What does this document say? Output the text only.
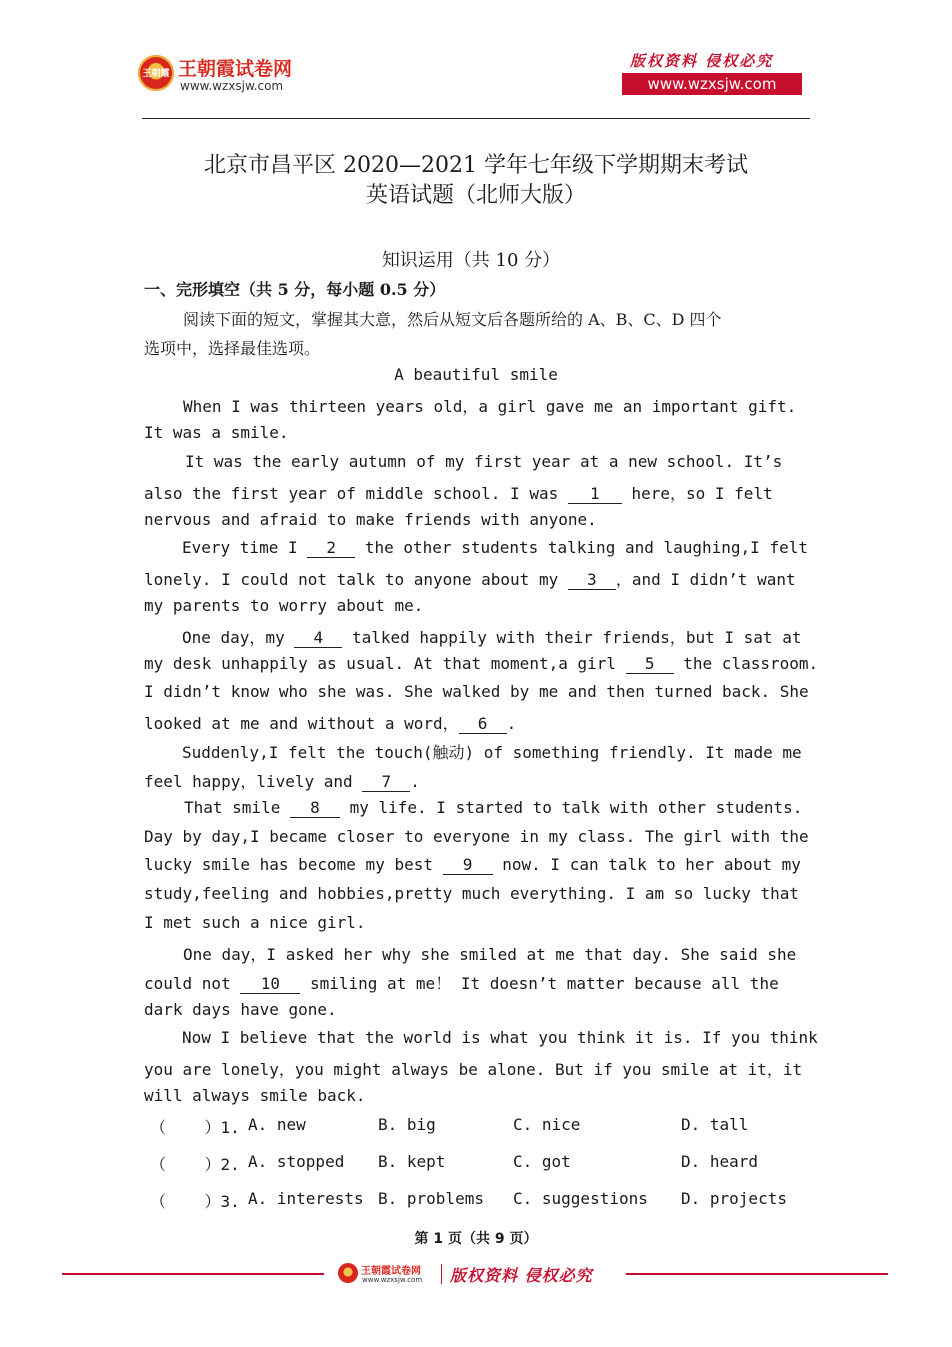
王朝霞 王朝霞试卷网
www.wzxsjw.com
版权资料 侵权必究
www.wzxsjw.com
北京市昌平区 2020—2021 学年七年级下学期期末考试
英语试题（北师大版）
知识运用（共 10 分）
一、完形填空（共 5 分，每小题 0.5 分）
阅读下面的短文，掌握其大意，然后从短文后各题所给的 A、B、C、D 四个
选项中，选择最佳选项。
A beautiful smile
When I was thirteen years old，a girl gave me an important gift.
It was a smile.
It was the early autumn of my first year at a new school. It’s
also the first year of middle school. I was 1 here，so I felt
nervous and afraid to make friends with anyone.
Every time I 2 the other students talking and laughing,I felt
lonely. I could not talk to anyone about my 3 ，and I didn’t want
my parents to worry about me.
One day，my 4 talked happily with their friends，but I sat at
my desk unhappily as usual. At that moment,a girl 5 the classroom.
I didn’t know who she was. She walked by me and then turned back. She
looked at me and without a word， 6 .
Suddenly,I felt the touch(触动) of something friendly. It made me
feel happy，lively and 7 .
That smile 8 my life. I started to talk with other students.
Day by day,I became closer to everyone in my class. The girl with the
lucky smile has become my best 9 now. I can talk to her about my
study,feeling and hobbies,pretty much everything. I am so lucky that
I met such a nice girl.
One day，I asked her why she smiled at me that day. She said she
could not 10 smiling at me！ It doesn’t matter because all the
dark days have gone.
Now I believe that the world is what you think it is. If you think
you are lonely，you might always be alone. But if you smile at it，it
will always smile back.
（    ）1. A. new	B. big	C. nice	D. tall
（    ）2. A. stopped B. kept	C. got	D. heard
（    ）3. A. interests B. problems C. suggestions D. projects
第 1 页（共 9 页）
王朝霞试卷网
www.wzxsjw.com 版权资料 侵权必究
